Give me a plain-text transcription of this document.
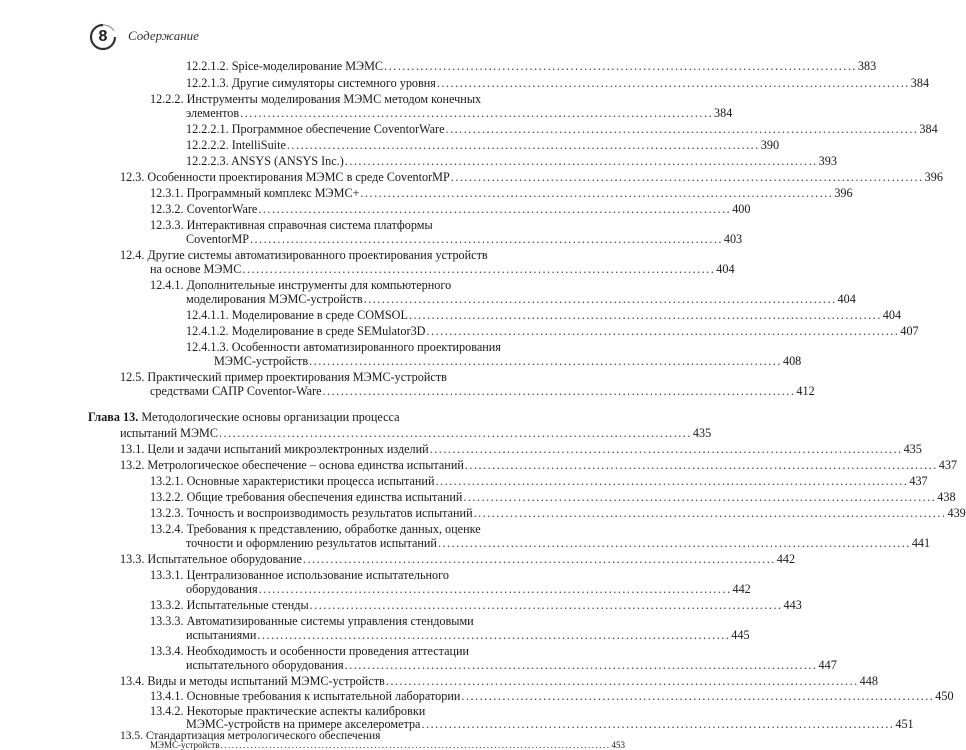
8	Содержание
12.2.1.2. Spice-моделирование МЭМС ........................................................................................................ 383
12.2.1.3. Другие симуляторы системного уровня ........................................................................................................ 384
12.2.2. Инструменты моделирования МЭМС методом конечных
элементов ........................................................................................................ 384
12.2.2.1. Программное обеспечение CoventorWare ........................................................................................................ 384
12.2.2.2. IntelliSuite ........................................................................................................ 390
12.2.2.3. ANSYS (ANSYS Inc.) ........................................................................................................ 393
12.3. Особенности проектирования МЭМС в среде CoventorMP ........................................................................................................ 396
12.3.1. Программный комплекс МЭМС+ ........................................................................................................ 396
12.3.2. CoventorWare ........................................................................................................ 400
12.3.3. Интерактивная справочная система платформы
CoventorMP ........................................................................................................ 403
12.4. Другие системы автоматизированного проектирования устройств
на основе МЭМС ........................................................................................................ 404
12.4.1. Дополнительные инструменты для компьютерного
моделирования МЭМС-устройств ........................................................................................................ 404
12.4.1.1. Моделирование в среде COMSOL ........................................................................................................ 404
12.4.1.2. Моделирование в среде SEMulator3D ........................................................................................................ 407
12.4.1.3. Особенности автоматизированного проектирования
МЭМС-устройств ........................................................................................................ 408
12.5. Практический пример проектирования МЭМС-устройств
средствами САПР Coventor-Ware ........................................................................................................ 412
Глава 13. Методологические основы организации процесса
испытаний МЭМС ........................................................................................................ 435
13.1. Цели и задачи испытаний микроэлектронных изделий ........................................................................................................ 435
13.2. Метрологическое обеспечение – основа единства испытаний ........................................................................................................ 437
13.2.1. Основные характеристики процесса испытаний ........................................................................................................ 437
13.2.2. Общие требования обеспечения единства испытаний ........................................................................................................ 438
13.2.3. Точность и воспроизводимость результатов испытаний ........................................................................................................ 439
13.2.4. Требования к представлению, обработке данных, оценке
точности и оформлению результатов испытаний ........................................................................................................ 441
13.3. Испытательное оборудование ........................................................................................................ 442
13.3.1. Централизованное использование испытательного
оборудования ........................................................................................................ 442
13.3.2. Испытательные стенды ........................................................................................................ 443
13.3.3. Автоматизированные системы управления стендовыми
испытаниями ........................................................................................................ 445
13.3.4. Необходимость и особенности проведения аттестации
испытательного оборудования ........................................................................................................ 447
13.4. Виды и методы испытаний МЭМС-устройств ........................................................................................................ 448
13.4.1. Основные требования к испытательной лаборатории ........................................................................................................ 450
13.4.2. Некоторые практические аспекты калибровки
МЭМС-устройств на примере акселерометра ........................................................................................................ 451
13.5. Стандартизация метрологического обеспечения
МЭМС-устройств ........................................................................................................ 453
